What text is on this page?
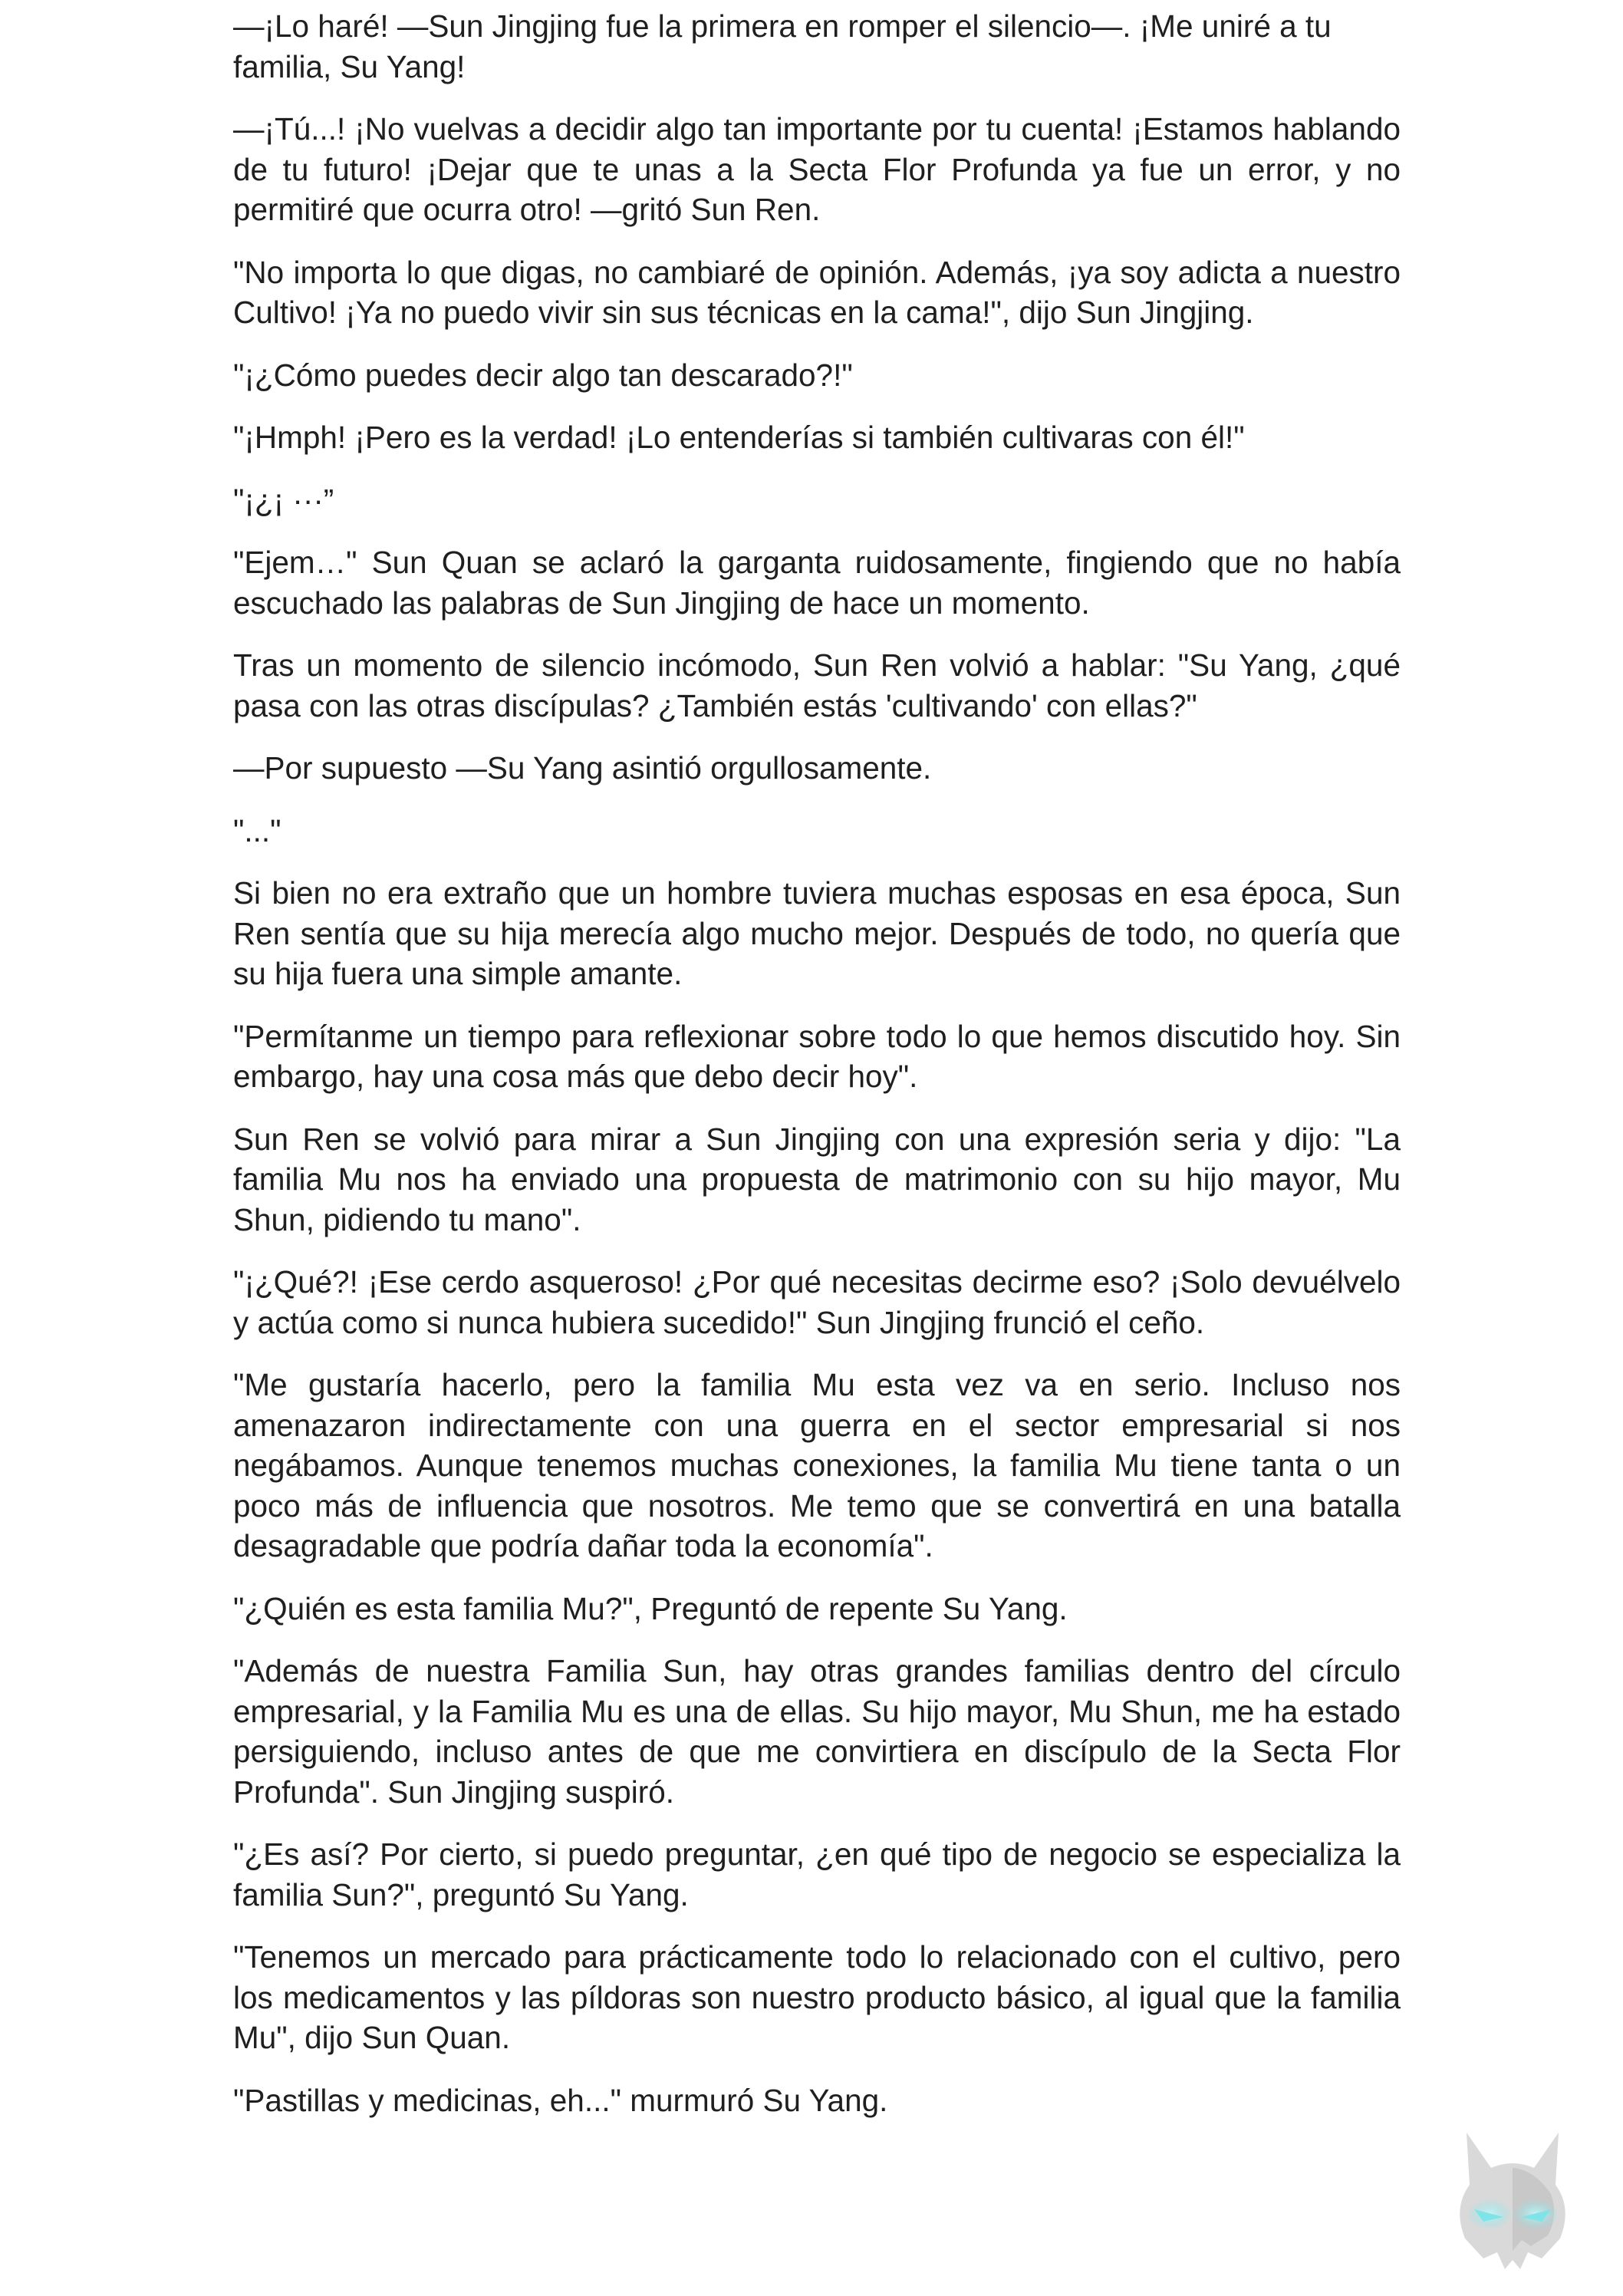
—¡Lo haré! —Sun Jingjing fue la primera en romper el silencio—. ¡Me uniré a tu familia, Su Yang!

—¡Tú...! ¡No vuelvas a decidir algo tan importante por tu cuenta! ¡Estamos hablando de tu futuro! ¡Dejar que te unas a la Secta Flor Profunda ya fue un error, y no permitiré que ocurra otro! —gritó Sun Ren.

"No importa lo que digas, no cambiaré de opinión. Además, ¡ya soy adicta a nuestro Cultivo! ¡Ya no puedo vivir sin sus técnicas en la cama!", dijo Sun Jingjing.

"¡¿Cómo puedes decir algo tan descarado?!"

"¡Hmph! ¡Pero es la verdad! ¡Lo entenderías si también cultivaras con él!"

"¡¿¡ ···”

"Ejem…" Sun Quan se aclaró la garganta ruidosamente, fingiendo que no había escuchado las palabras de Sun Jingjing de hace un momento.

Tras un momento de silencio incómodo, Sun Ren volvió a hablar: "Su Yang, ¿qué pasa con las otras discípulas? ¿También estás 'cultivando' con ellas?"

—Por supuesto —Su Yang asintió orgullosamente.

"..."

Si bien no era extraño que un hombre tuviera muchas esposas en esa época, Sun Ren sentía que su hija merecía algo mucho mejor. Después de todo, no quería que su hija fuera una simple amante.

"Permítanme un tiempo para reflexionar sobre todo lo que hemos discutido hoy. Sin embargo, hay una cosa más que debo decir hoy".

Sun Ren se volvió para mirar a Sun Jingjing con una expresión seria y dijo: "La familia Mu nos ha enviado una propuesta de matrimonio con su hijo mayor, Mu Shun, pidiendo tu mano".

"¡¿Qué?! ¡Ese cerdo asqueroso! ¿Por qué necesitas decirme eso? ¡Solo devuélvelo y actúa como si nunca hubiera sucedido!" Sun Jingjing frunció el ceño.

"Me gustaría hacerlo, pero la familia Mu esta vez va en serio. Incluso nos amenazaron indirectamente con una guerra en el sector empresarial si nos negábamos. Aunque tenemos muchas conexiones, la familia Mu tiene tanta o un poco más de influencia que nosotros. Me temo que se convertirá en una batalla desagradable que podría dañar toda la economía".

"¿Quién es esta familia Mu?", Preguntó de repente Su Yang.

"Además de nuestra Familia Sun, hay otras grandes familias dentro del círculo empresarial, y la Familia Mu es una de ellas. Su hijo mayor, Mu Shun, me ha estado persiguiendo, incluso antes de que me convirtiera en discípulo de la Secta Flor Profunda". Sun Jingjing suspiró.

"¿Es así? Por cierto, si puedo preguntar, ¿en qué tipo de negocio se especializa la familia Sun?", preguntó Su Yang.

"Tenemos un mercado para prácticamente todo lo relacionado con el cultivo, pero los medicamentos y las píldoras son nuestro producto básico, al igual que la familia Mu", dijo Sun Quan.

"Pastillas y medicinas, eh..." murmuró Su Yang.
